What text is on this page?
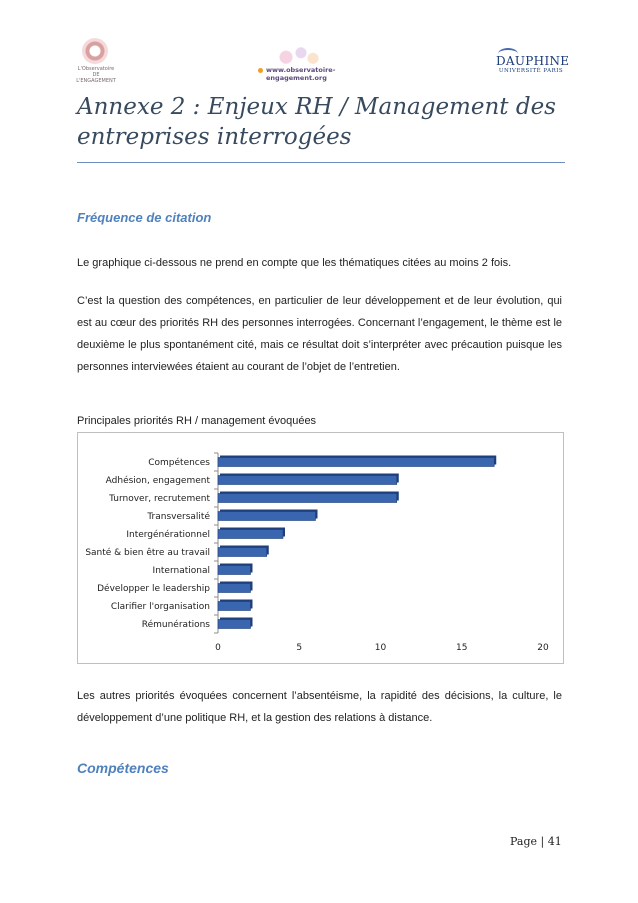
L'Observatoire DE L'ENGAGEMENT
www.observatoire-engagement.org
DAUPHINE
UNIVERSITÉ PARIS
Annexe 2 : Enjeux RH / Management des entreprises interrogées
Fréquence de citation

Le graphique ci-dessous ne prend en compte que les thématiques citées au moins 2 fois.

C’est la question des compétences, en particulier de leur développement et de leur évolution, qui est au cœur des priorités RH des personnes interrogées. Concernant l’engagement, le thème est le deuxième le plus spontanément cité, mais ce résultat doit s’interpréter avec précaution puisque les personnes interviewées étaient au courant de l’objet de l’entretien.

Principales priorités RH / management évoquées

Compétences
Adhésion, engagement
Turnover, recrutement
Transversalité
Intergénérationnel
Santé & bien être au travail
International
Développer le leadership
Clarifier l'organisation
Rémunérations
0	5	10	15	20

Les autres priorités évoquées concernent l’absentéisme, la rapidité des décisions, la culture, le développement d’une politique RH, et la gestion des relations à distance.

Compétences
Page | 41
